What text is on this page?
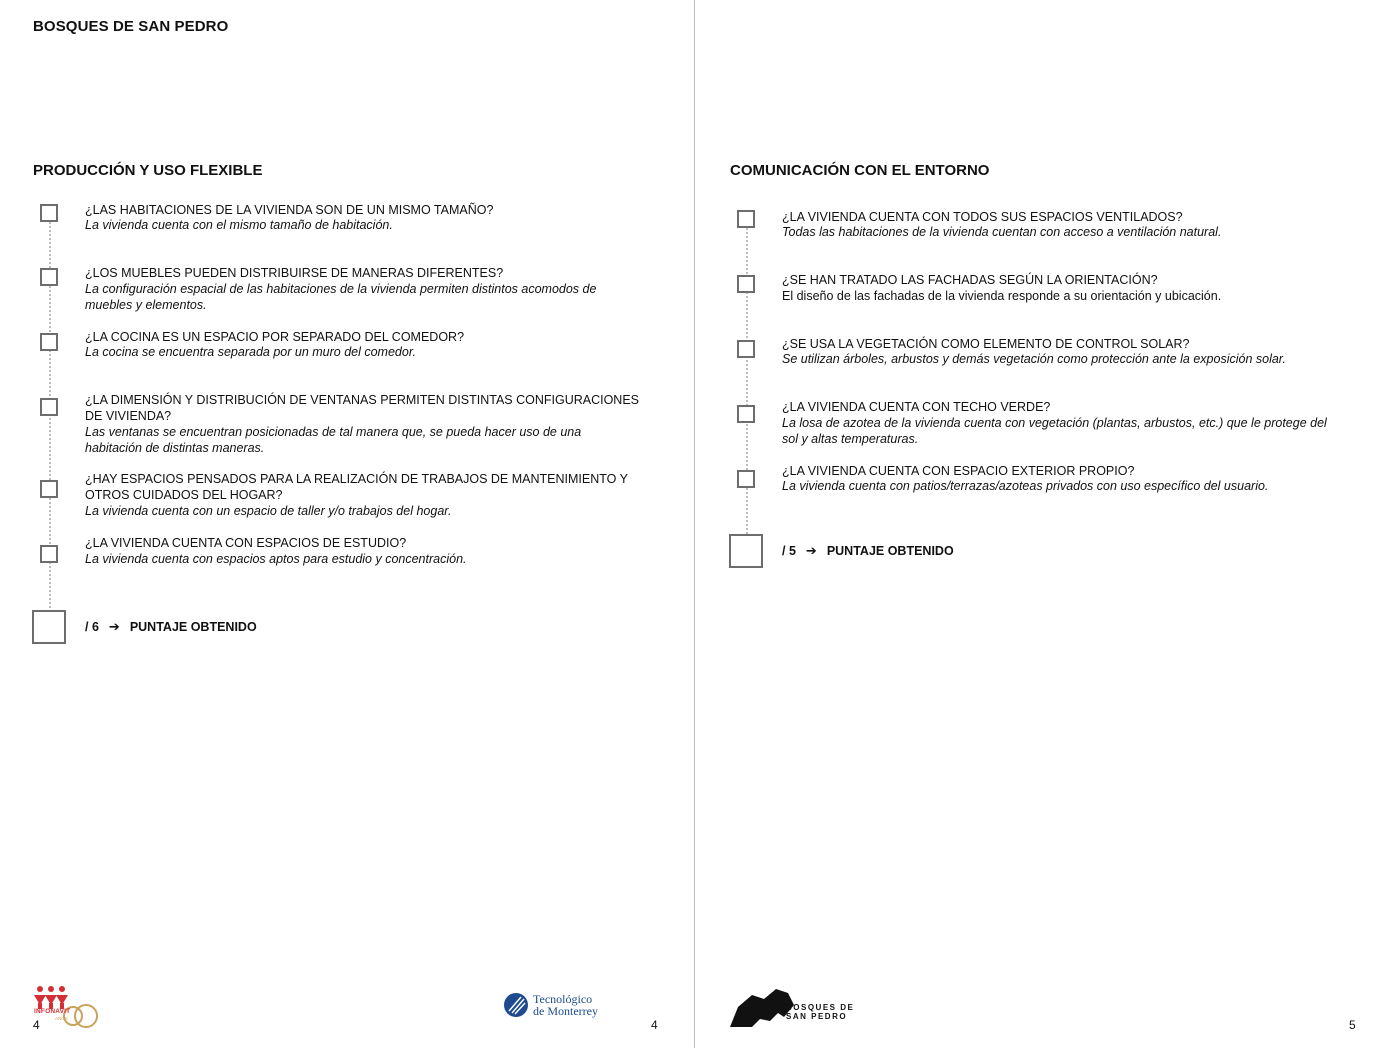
BOSQUES DE SAN PEDRO
PRODUCCIÓN Y USO FLEXIBLE
¿LAS HABITACIONES DE LA VIVIENDA SON DE UN MISMO TAMAÑO?
La vivienda cuenta con el mismo tamaño de habitación.
¿LOS MUEBLES PUEDEN DISTRIBUIRSE DE MANERAS DIFERENTES?
La configuración espacial de las habitaciones de la vivienda permiten distintos acomodos de muebles y elementos.
¿LA COCINA ES UN ESPACIO POR SEPARADO DEL COMEDOR?
La cocina se encuentra separada por un muro del comedor.
¿LA DIMENSIÓN Y DISTRIBUCIÓN DE VENTANAS PERMITEN DISTINTAS CONFIGURACIONES DE VIVIENDA?
Las ventanas se encuentran posicionadas de tal manera que, se pueda hacer uso de una habitación de distintas maneras.
¿HAY ESPACIOS PENSADOS PARA LA REALIZACIÓN DE TRABAJOS DE MANTENIMIENTO Y OTROS CUIDADOS DEL HOGAR?
La vivienda cuenta con un espacio de taller y/o trabajos del hogar.
¿LA VIVIENDA CUENTA CON ESPACIOS DE ESTUDIO?
La vivienda cuenta con espacios aptos para estudio y concentración.
/ 6 ➔ PUNTAJE OBTENIDO
INFONAVIT
AÑOS
4
Tecnológico
de Monterrey
4
COMUNICACIÓN CON EL ENTORNO
¿LA VIVIENDA CUENTA CON TODOS SUS ESPACIOS VENTILADOS?
Todas las habitaciones de la vivienda cuentan con acceso a ventilación natural.
¿SE HAN TRATADO LAS FACHADAS SEGÚN LA ORIENTACIÓN?
El diseño de las fachadas de la vivienda responde a su orientación y ubicación.
¿SE USA LA VEGETACIÓN COMO ELEMENTO DE CONTROL SOLAR?
Se utilizan árboles, arbustos y demás vegetación como protección ante la exposición solar.
¿LA VIVIENDA CUENTA CON TECHO VERDE?
La losa de azotea de la vivienda cuenta con vegetación (plantas, arbustos, etc.) que le protege del sol y altas temperaturas.
¿LA VIVIENDA CUENTA CON ESPACIO EXTERIOR PROPIO?
La vivienda cuenta con patios/terrazas/azoteas privados con uso específico del usuario.
/ 5 ➔ PUNTAJE OBTENIDO
BOSQUES DE
SAN PEDRO
5
